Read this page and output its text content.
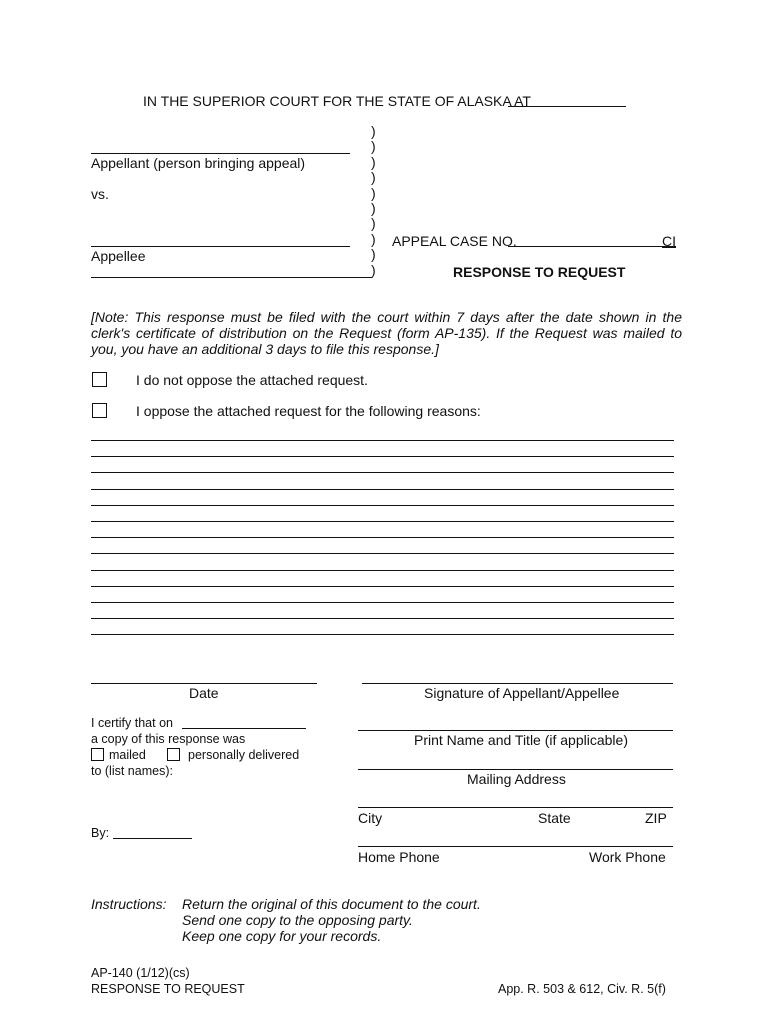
IN THE SUPERIOR COURT FOR THE STATE OF ALASKA AT
)
)
)
)
)
)
)
)
)
)
Appellant (person bringing appeal)
vs.
Appellee
APPEAL CASE NO.	CI
RESPONSE TO REQUEST
[Note: This response must be filed with the court within 7 days after the date shown in the clerk's certificate of distribution on the Request (form AP-135). If the Request was mailed to you, you have an additional 3 days to file this response.]
I do not oppose the attached request.
I oppose the attached request for the following reasons:
Date	Signature of Appellant/Appellee
I certify that on
a copy of this response was
mailed	personally delivered
to (list names):
By:
Print Name and Title (if applicable)
Mailing Address
City	State	ZIP
Home Phone	Work Phone
Instructions: Return the original of this document to the court.
Send one copy to the opposing party.
Keep one copy for your records.
AP-140 (1/12)(cs)
RESPONSE TO REQUEST	App. R. 503 & 612, Civ. R. 5(f)
